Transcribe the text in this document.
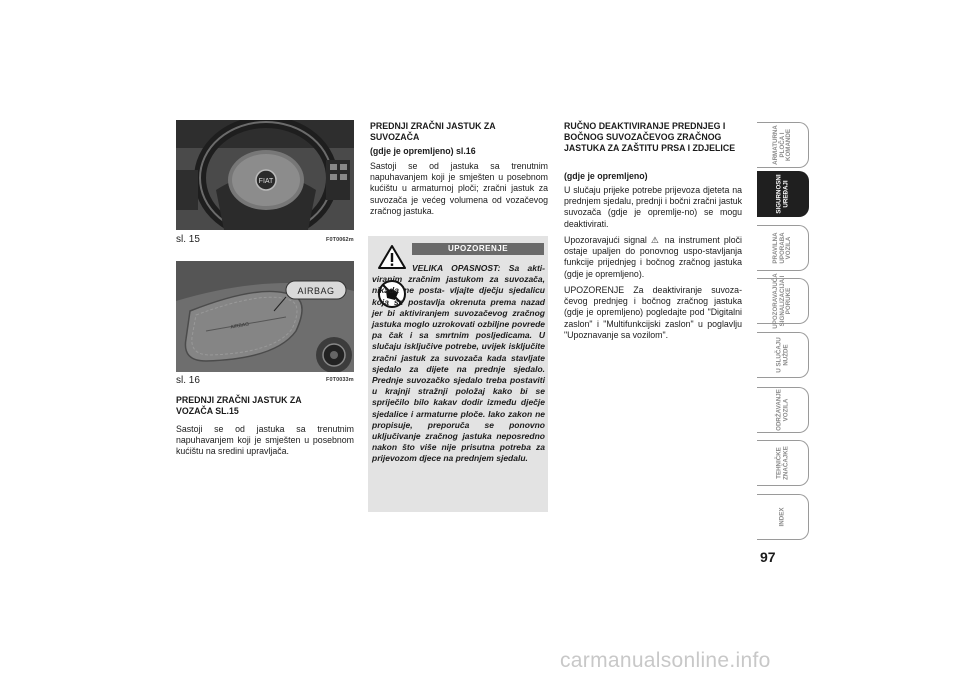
FIAT
sl. 15	F0T0062m
AIRBAG
AIRBAG
sl. 16	F0T0033m
PREDNJI ZRAČNI JASTUK ZA VOZAČA SL.15
Sastoji se od jastuka sa trenutnim napuhavanjem koji je smješten u posebnom kućištu na sredini upravljača.
PREDNJI ZRAČNI JASTUK ZA SUVOZAČA
(gdje je opremljeno) sl.16
Sastoji se od jastuka sa trenutnim napuhavanjem koji je smješten u posebnom kućištu u armaturnoj ploči; zračni jastuk za suvozača je većeg volumena od vozačevog zračnog jastuka.
UPOZORENJE
VELIKA OPASNOST: Sa akti- viranim zračnim jastukom za suvozača, nikada ne posta- vljajte dječju sjedalicu koja se postavlja okrenuta prema nazad jer bi aktiviranjem suvozačevog zračnog jastuka moglo uzrokovati ozbiljne povrede pa čak i sa smrtnim posljedicama. U slučaju isključive potrebe, uvijek isključite zračni jastuk za suvozača kada stavljate sjedalo za dijete na prednje sjedalo. Prednje suvozačko sjedalo treba postaviti u krajnji stražnji položaj kako bi se spriječilo bilo kakav dodir između dječje sjedalice i armaturne ploče. Iako zakon ne propisuje, preporuča se ponovno uključivanje zračnog jastuka neposredno nakon što više nije prisutna potreba za prijevozom djece na prednjem sjedalu.
RUČNO DEAKTIVIRANJE PREDNJEG I BOČNOG SUVOZAČEVOG ZRAČNOG JASTUKA ZA ZAŠTITU PRSA I ZDJELICE
(gdje je opremljeno)
U slučaju prijeke potrebe prijevoza djeteta na prednjem sjedalu, prednji i bočni zračni jastuk suvozača (gdje je opremlje-no) se mogu deaktivirati.
Upozoravajući signal ⚠ na instrument ploči ostaje upaljen do ponovnog uspo-stavljanja funkcije prijednjeg i bočnog zračnog jastuka (gdje je opremljeno).
UPOZORENJE Za deaktiviranje suvoza-čevog prednjeg i bočnog zračnog jastuka (gdje je opremljeno) pogledajte pod "Digitalni zaslon" i "Multifunkcijski zaslon" u poglavlju "Upoznavanje sa vozilom".
ARMATURNA
PLOČA I
KOMANDE
SIGURNOSNI
UREĐAJI
PRAVILNA
UPORABA
VOZILA
UPOZORAVAJUĆA
SIGNALIZACIJA I
PORUKE
U SLUČAJU
NUŽDE
ODRŽAVANJE
VOZILA
TEHNIČKE
ZNAČAJKE
INDEX
97
carmanualsonline.info
